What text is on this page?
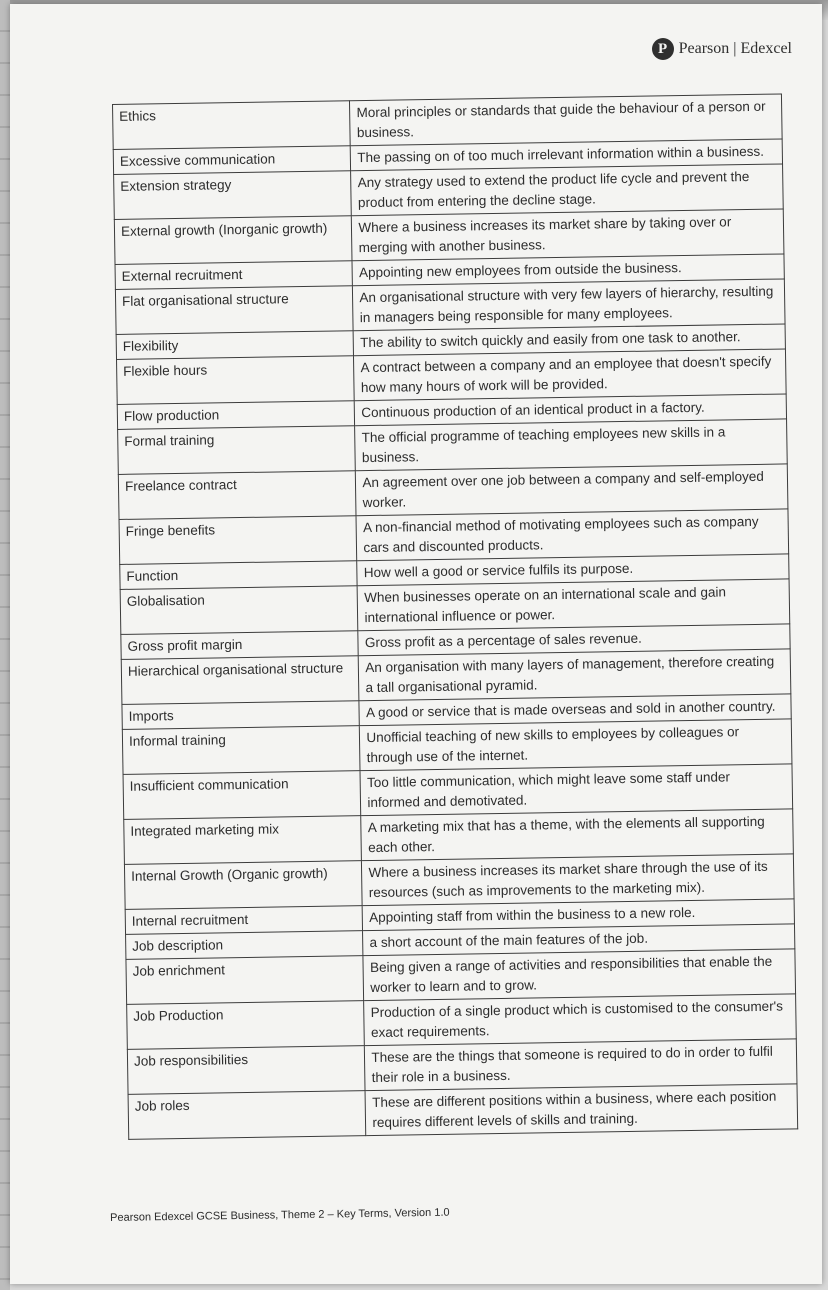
P Pearson | Edexcel
Ethics	Moral principles or standards that guide the behaviour of a person or business.
Excessive communication	The passing on of too much irrelevant information within a business.
Extension strategy	Any strategy used to extend the product life cycle and prevent the product from entering the decline stage.
External growth (Inorganic growth)	Where a business increases its market share by taking over or merging with another business.
External recruitment	Appointing new employees from outside the business.
Flat organisational structure	An organisational structure with very few layers of hierarchy, resulting in managers being responsible for many employees.
Flexibility	The ability to switch quickly and easily from one task to another.
Flexible hours	A contract between a company and an employee that doesn't specify how many hours of work will be provided.
Flow production	Continuous production of an identical product in a factory.
Formal training	The official programme of teaching employees new skills in a business.
Freelance contract	An agreement over one job between a company and self-employed worker.
Fringe benefits	A non-financial method of motivating employees such as company cars and discounted products.
Function	How well a good or service fulfils its purpose.
Globalisation	When businesses operate on an international scale and gain international influence or power.
Gross profit margin	Gross profit as a percentage of sales revenue.
Hierarchical organisational structure	An organisation with many layers of management, therefore creating a tall organisational pyramid.
Imports	A good or service that is made overseas and sold in another country.
Informal training	Unofficial teaching of new skills to employees by colleagues or through use of the internet.
Insufficient communication	Too little communication, which might leave some staff under informed and demotivated.
Integrated marketing mix	A marketing mix that has a theme, with the elements all supporting each other.
Internal Growth (Organic growth)	Where a business increases its market share through the use of its resources (such as improvements to the marketing mix).
Internal recruitment	Appointing staff from within the business to a new role.
Job description	a short account of the main features of the job.
Job enrichment	Being given a range of activities and responsibilities that enable the worker to learn and to grow.
Job Production	Production of a single product which is customised to the consumer's exact requirements.
Job responsibilities	These are the things that someone is required to do in order to fulfil their role in a business.
Job roles	These are different positions within a business, where each position requires different levels of skills and training.
Pearson Edexcel GCSE Business, Theme 2 – Key Terms, Version 1.0
